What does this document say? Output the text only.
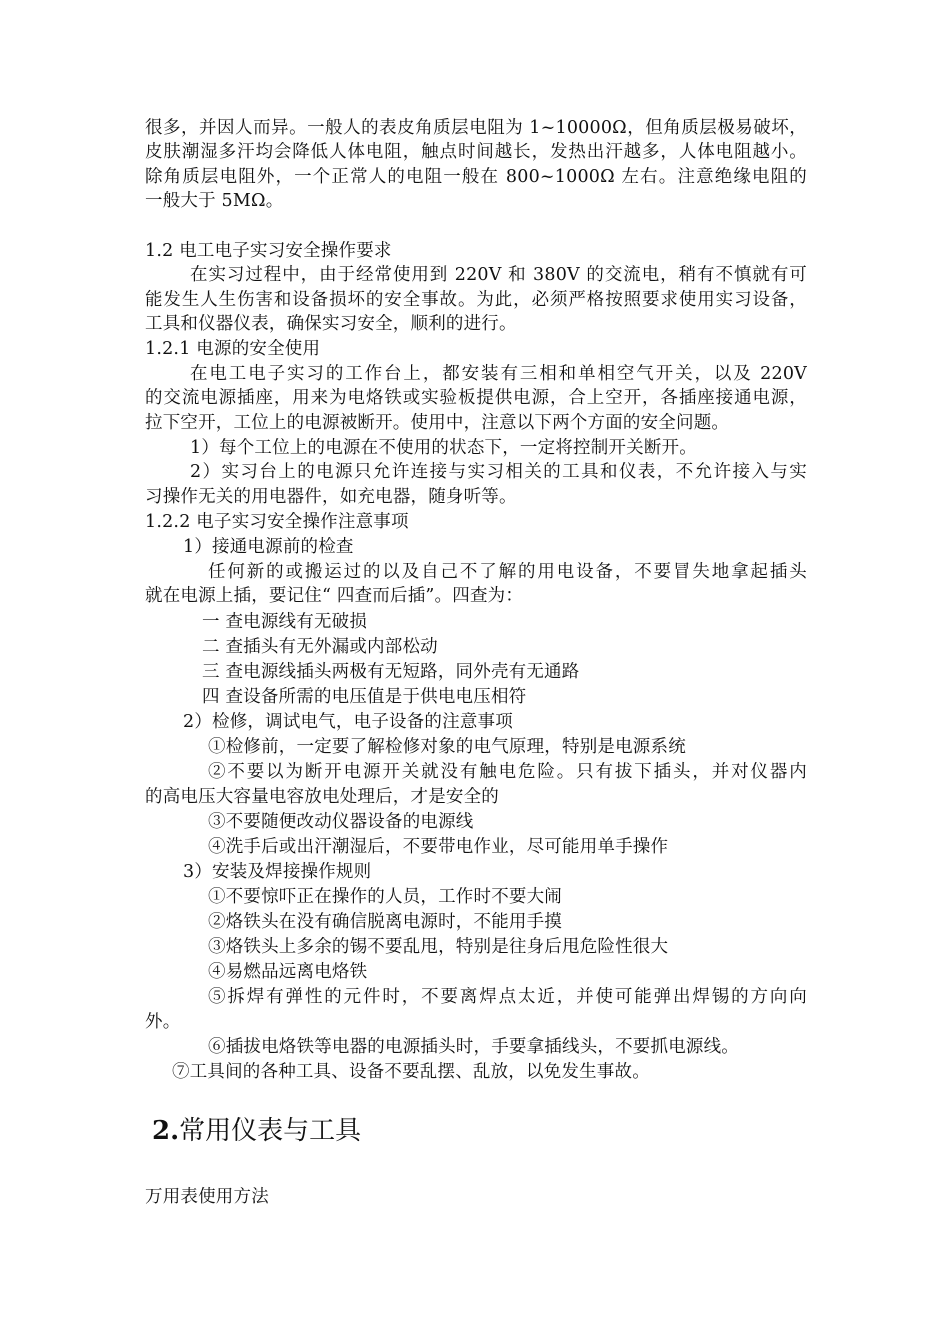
很多，并因人而异。一般人的表皮角质层电阻为 1~10000Ω，但角质层极易破坏，
皮肤潮湿多汗均会降低人体电阻，触点时间越长，发热出汗越多，人体电阻越小。
除角质层电阻外，一个正常人的电阻一般在 800~1000Ω 左右。注意绝缘电阻的
一般大于 5MΩ。
1.2 电工电子实习安全操作要求
在实习过程中，由于经常使用到 220V 和 380V 的交流电，稍有不慎就有可
能发生人生伤害和设备损坏的安全事故。为此，必须严格按照要求使用实习设备，
工具和仪器仪表，确保实习安全，顺利的进行。
1.2.1 电源的安全使用
在电工电子实习的工作台上，都安装有三相和单相空气开关，以及 220V
的交流电源插座，用来为电烙铁或实验板提供电源，合上空开，各插座接通电源，
拉下空开，工位上的电源被断开。使用中，注意以下两个方面的安全问题。
1）每个工位上的电源在不使用的状态下，一定将控制开关断开。
2）实习台上的电源只允许连接与实习相关的工具和仪表，不允许接入与实
习操作无关的用电器件，如充电器，随身听等。
1.2.2 电子实习安全操作注意事项
1）接通电源前的检查
任何新的或搬运过的以及自己不了解的用电设备，不要冒失地拿起插头
就在电源上插，要记住“ 四查而后插”。四查为：
一 查电源线有无破损
二 查插头有无外漏或内部松动
三 查电源线插头两极有无短路，同外壳有无通路
四 查设备所需的电压值是于供电电压相符
2）检修，调试电气，电子设备的注意事项
①检修前，一定要了解检修对象的电气原理，特别是电源系统
②不要以为断开电源开关就没有触电危险。只有拔下插头，并对仪器内
的高电压大容量电容放电处理后，才是安全的
③不要随便改动仪器设备的电源线
④洗手后或出汗潮湿后，不要带电作业，尽可能用单手操作
3）安装及焊接操作规则
①不要惊吓正在操作的人员，工作时不要大闹
②烙铁头在没有确信脱离电源时，不能用手摸
③烙铁头上多余的锡不要乱甩，特别是往身后甩危险性很大
④易燃品远离电烙铁
⑤拆焊有弹性的元件时，不要离焊点太近，并使可能弹出焊锡的方向向
外。
⑥插拔电烙铁等电器的电源插头时，手要拿插线头，不要抓电源线。
⑦工具间的各种工具、设备不要乱摆、乱放，以免发生事故。
2.常用仪表与工具
万用表使用方法
